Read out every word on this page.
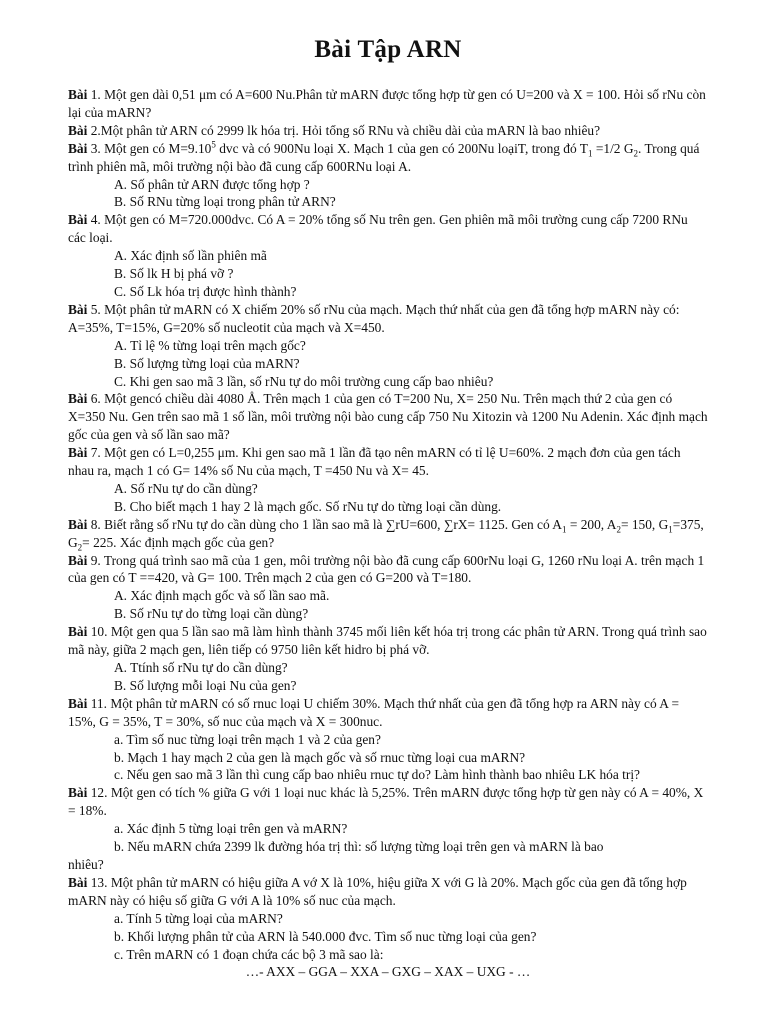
Bài Tập ARN

Bài 1. Một gen dài 0,51 μm có A=600 Nu.Phân tử mARN được tổng hợp từ gen có U=200 và X = 100. Hỏi số rNu còn lại của mARN?

Bài 2.Một phân tử ARN có 2999 lk hóa trị. Hỏi tổng số RNu và chiều dài của mARN là bao nhiêu?

Bài 3. Một gen có $M=9.10^5$ dvc và có 900Nu loại X. Mạch 1 của gen có 200Nu loạiT, trong đó $T_1 =1/2$ $G_2$. Trong quá trình phiên mã, môi trường nội bào đã cung cấp 600RNu loại A.

A. Số phân tử ARN được tổng hợp ?

B. Số RNu từng loại trong phân tử ARN?

Bài 4. Một gen có M=720.000dvc. Có A = 20% tổng số Nu trên gen. Gen phiên mã môi trường cung cấp 7200 RNu các loại.

A. Xác định số lần phiên mã

B. Số lk H bị phá vỡ ?

C. Số Lk hóa trị được hình thành?

Bài 5. Một phân tử mARN có X chiếm 20% số rNu của mạch. Mạch thứ nhất của gen đã tổng hợp mARN này có: A=35%, T=15%, G=20% số nucleotit của mạch và X=450.

A. Tỉ lệ % từng loại trên mạch gốc?

B. Số lượng từng loại của mARN?

C. Khi gen sao mã 3 lần, số rNu tự do môi trường cung cấp bao nhiêu?

Bài 6. Một gencó chiều dài 4080 Å. Trên mạch 1 của gen có T=200 Nu, X= 250 Nu. Trên mạch thứ 2 của gen có X=350 Nu. Gen trên sao mã 1 số lần, môi trường nội bào cung cấp 750 Nu Xitozin và 1200 Nu Adenin. Xác định mạch gốc của gen và số lần sao mã?

Bài 7. Một gen có L=0,255 μm. Khi gen sao mã 1 lần đã tạo nên mARN có tỉ lệ U=60%. 2 mạch đơn của gen tách nhau ra, mạch 1 có G= 14% số Nu của mạch, T =450 Nu và X= 45.

A. Số rNu tự do cần dùng?

B. Cho biết mạch 1 hay 2 là mạch gốc. Số rNu tự do từng loại cần dùng.

Bài 8. Biết rằng số rNu tự do cần dùng cho 1 lần sao mã là ∑rU=600, ∑rX= 1125. Gen có $A_1 = 200$, $A_2= 150$, $G_1=375$, $G_2= 225$. Xác định mạch gốc của gen?

Bài 9. Trong quá trình sao mã của 1 gen, môi trường nội bào đã cung cấp 600rNu loại G, 1260 rNu loại A. trên mạch 1 của gen có T ==420, và G= 100. Trên mạch 2 của gen có G=200 và T=180.

A. Xác định mạch gốc và số lần sao mã.

B. Số rNu tự do từng loại cần dùng?

Bài 10. Một gen qua 5 lần sao mã làm hình thành 3745 mối liên kết hóa trị trong các phân tử ARN. Trong quá trình sao mã này, giữa 2 mạch gen, liên tiếp có 9750 liên kết hidro bị phá vỡ.

A. Ttính số rNu tự do cần dùng?

B. Số lượng mỗi loại Nu của gen?

Bài 11. Một phân tử mARN có số rnuc loại U chiếm 30%. Mạch thứ nhất của gen đã tổng hợp ra ARN này có A = 15%, G = 35%, T = 30%, số nuc của mạch và X = 300nuc.

a. Tìm số nuc từng loại trên mạch 1 và 2 của gen?

b. Mạch 1 hay mạch 2 của gen là mạch gốc và số rnuc từng loại cua mARN?

c. Nếu gen sao mã 3 lần thì cung cấp bao nhiêu rnuc tự do? Làm hình thành bao nhiêu LK hóa trị?

Bài 12. Một gen có tích % giữa G với 1 loại nuc khác là 5,25%. Trên mARN được tổng hợp từ gen này có A = 40%, X = 18%.

a. Xác định 5 từng loại trên gen và mARN?

b. Nếu mARN chứa 2399 lk đường hóa trị thì: số lượng từng loại trên gen và mARN là bao

nhiêu?

Bài 13. Một phân tử mARN có hiệu giữa A vớ X là 10%, hiệu giữa X với G là 20%. Mạch gốc của gen đã tổng hợp mARN này có hiệu số giữa G với A là 10% số nuc của mạch.

a. Tính 5 từng loại của mARN?

b. Khối lượng phân tử của ARN là 540.000 đvc. Tìm số nuc từng loại của gen?

c. Trên mARN có 1 đoạn chứa các bộ 3 mã sao là:

…- AXX – GGA – XXA – GXG – XAX – UXG - …
